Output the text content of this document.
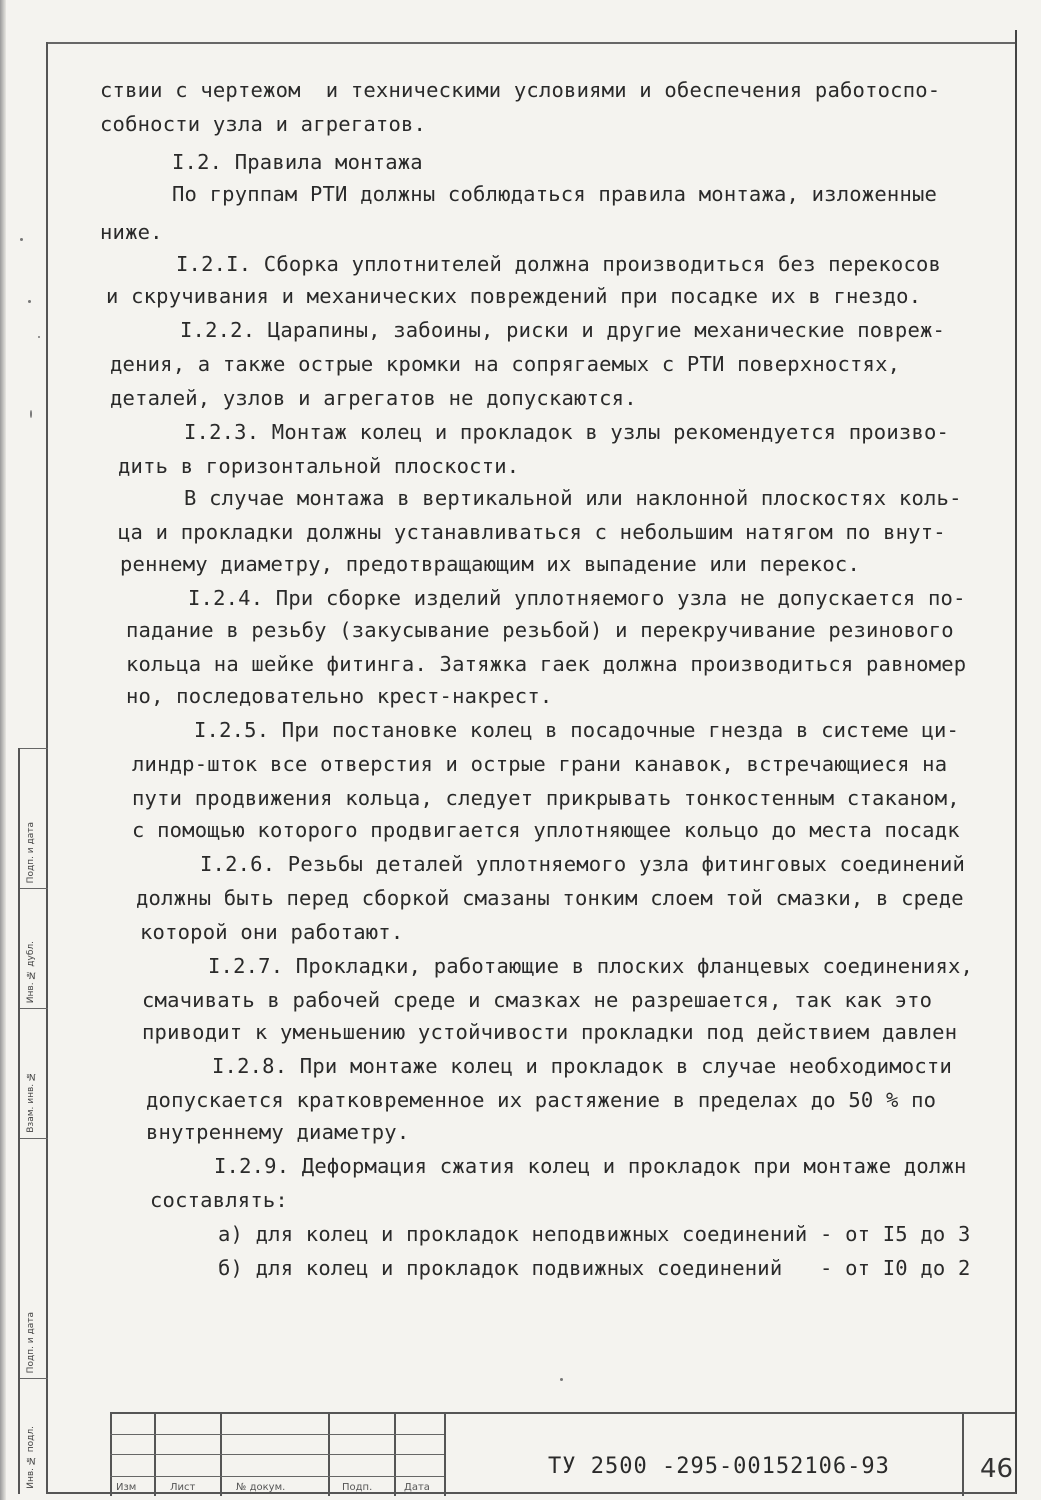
Подп. и дата
Инв. № дубл.
Взам. инв. №
Подп. и дата
Инв. № подл.
ствии с чертежом  и техническими условиями и обеспечения работоспо-
собности узла и агрегатов.
I.2. Правила монтажа
По группам РТИ должны соблюдаться правила монтажа, изложенные
ниже.
I.2.I. Сборка уплотнителей должна производиться без перекосов
и скручивания и механических повреждений при посадке их в гнездо.
I.2.2. Царапины, забоины, риски и другие механические повреж-
дения, а также острые кромки на сопрягаемых с РТИ поверхностях,
деталей, узлов и агрегатов не допускаются.
I.2.3. Монтаж колец и прокладок в узлы рекомендуется произво-
дить в горизонтальной плоскости.
В случае монтажа в вертикальной или наклонной плоскостях коль-
ца и прокладки должны устанавливаться с небольшим натягом по внут-
реннему диаметру, предотвращающим их выпадение или перекос.
I.2.4. При сборке изделий уплотняемого узла не допускается по-
падание в резьбу (закусывание резьбой) и перекручивание резинового
кольца на шейке фитинга. Затяжка гаек должна производиться равномер
но, последовательно крест-накрест.
I.2.5. При постановке колец в посадочные гнезда в системе ци-
линдр-шток все отверстия и острые грани канавок, встречающиеся на
пути продвижения кольца, следует прикрывать тонкостенным стаканом,
с помощью которого продвигается уплотняющее кольцо до места посадк
I.2.6. Резьбы деталей уплотняемого узла фитинговых соединений
должны быть перед сборкой смазаны тонким слоем той смазки, в среде
которой они работают.
I.2.7. Прокладки, работающие в плоских фланцевых соединениях,
смачивать в рабочей среде и смазках не разрешается, так как это
приводит к уменьшению устойчивости прокладки под действием давлен
I.2.8. При монтаже колец и прокладок в случае необходимости
допускается кратковременное их растяжение в пределах до 50 % по
внутреннему диаметру.
I.2.9. Деформация сжатия колец и прокладок при монтаже должн
составлять:
а) для колец и прокладок неподвижных соединений - от I5 до 3
б) для колец и прокладок подвижных соединений   - от I0 до 2
Изм	Лист	№ докум.	Подп.	Дата
ТУ 2500 -295-00152106-93	46
